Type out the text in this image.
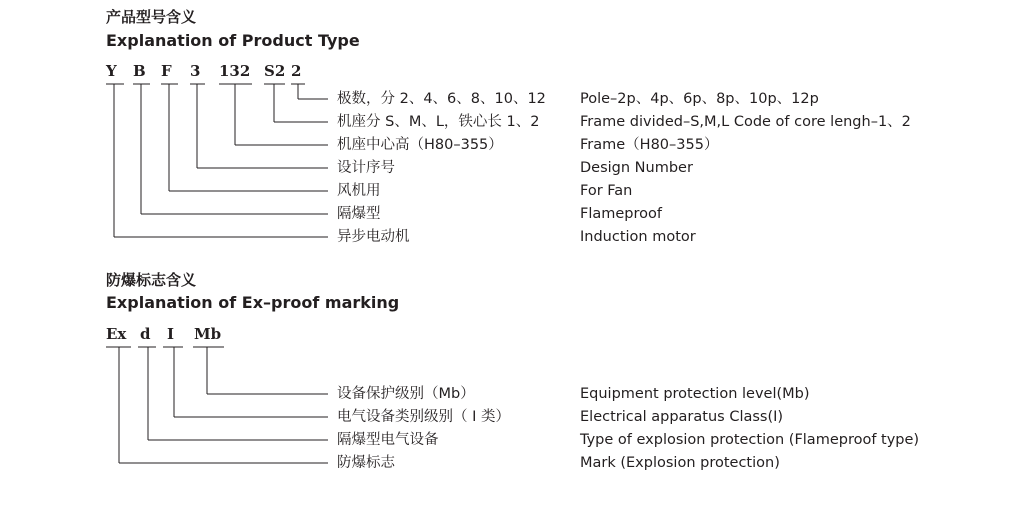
产品型号含义
Explanation of Product Type
Y B F 3 132 S2 2
极数，分 2、4、6、8、10、12 Pole–2p、4p、6p、8p、10p、12p
机座分 S、M、L，铁心长 1、2	Frame divided–S,M,L Code of core lengh–1、2
机座中心高（H80–355）	Frame（H80–355）
设计序号	Design Number
风机用	For Fan
隔爆型	Flameproof
异步电动机	Induction motor
防爆标志含义
Explanation of Ex–proof marking
Ex d I Mb
设备保护级别（Mb）	Equipment protection level(Mb)
电气设备类别级别（ I 类）	Electrical apparatus Class(I)
隔爆型电气设备	Type of explosion protection (Flameproof type)
防爆标志	Mark (Explosion protection)
